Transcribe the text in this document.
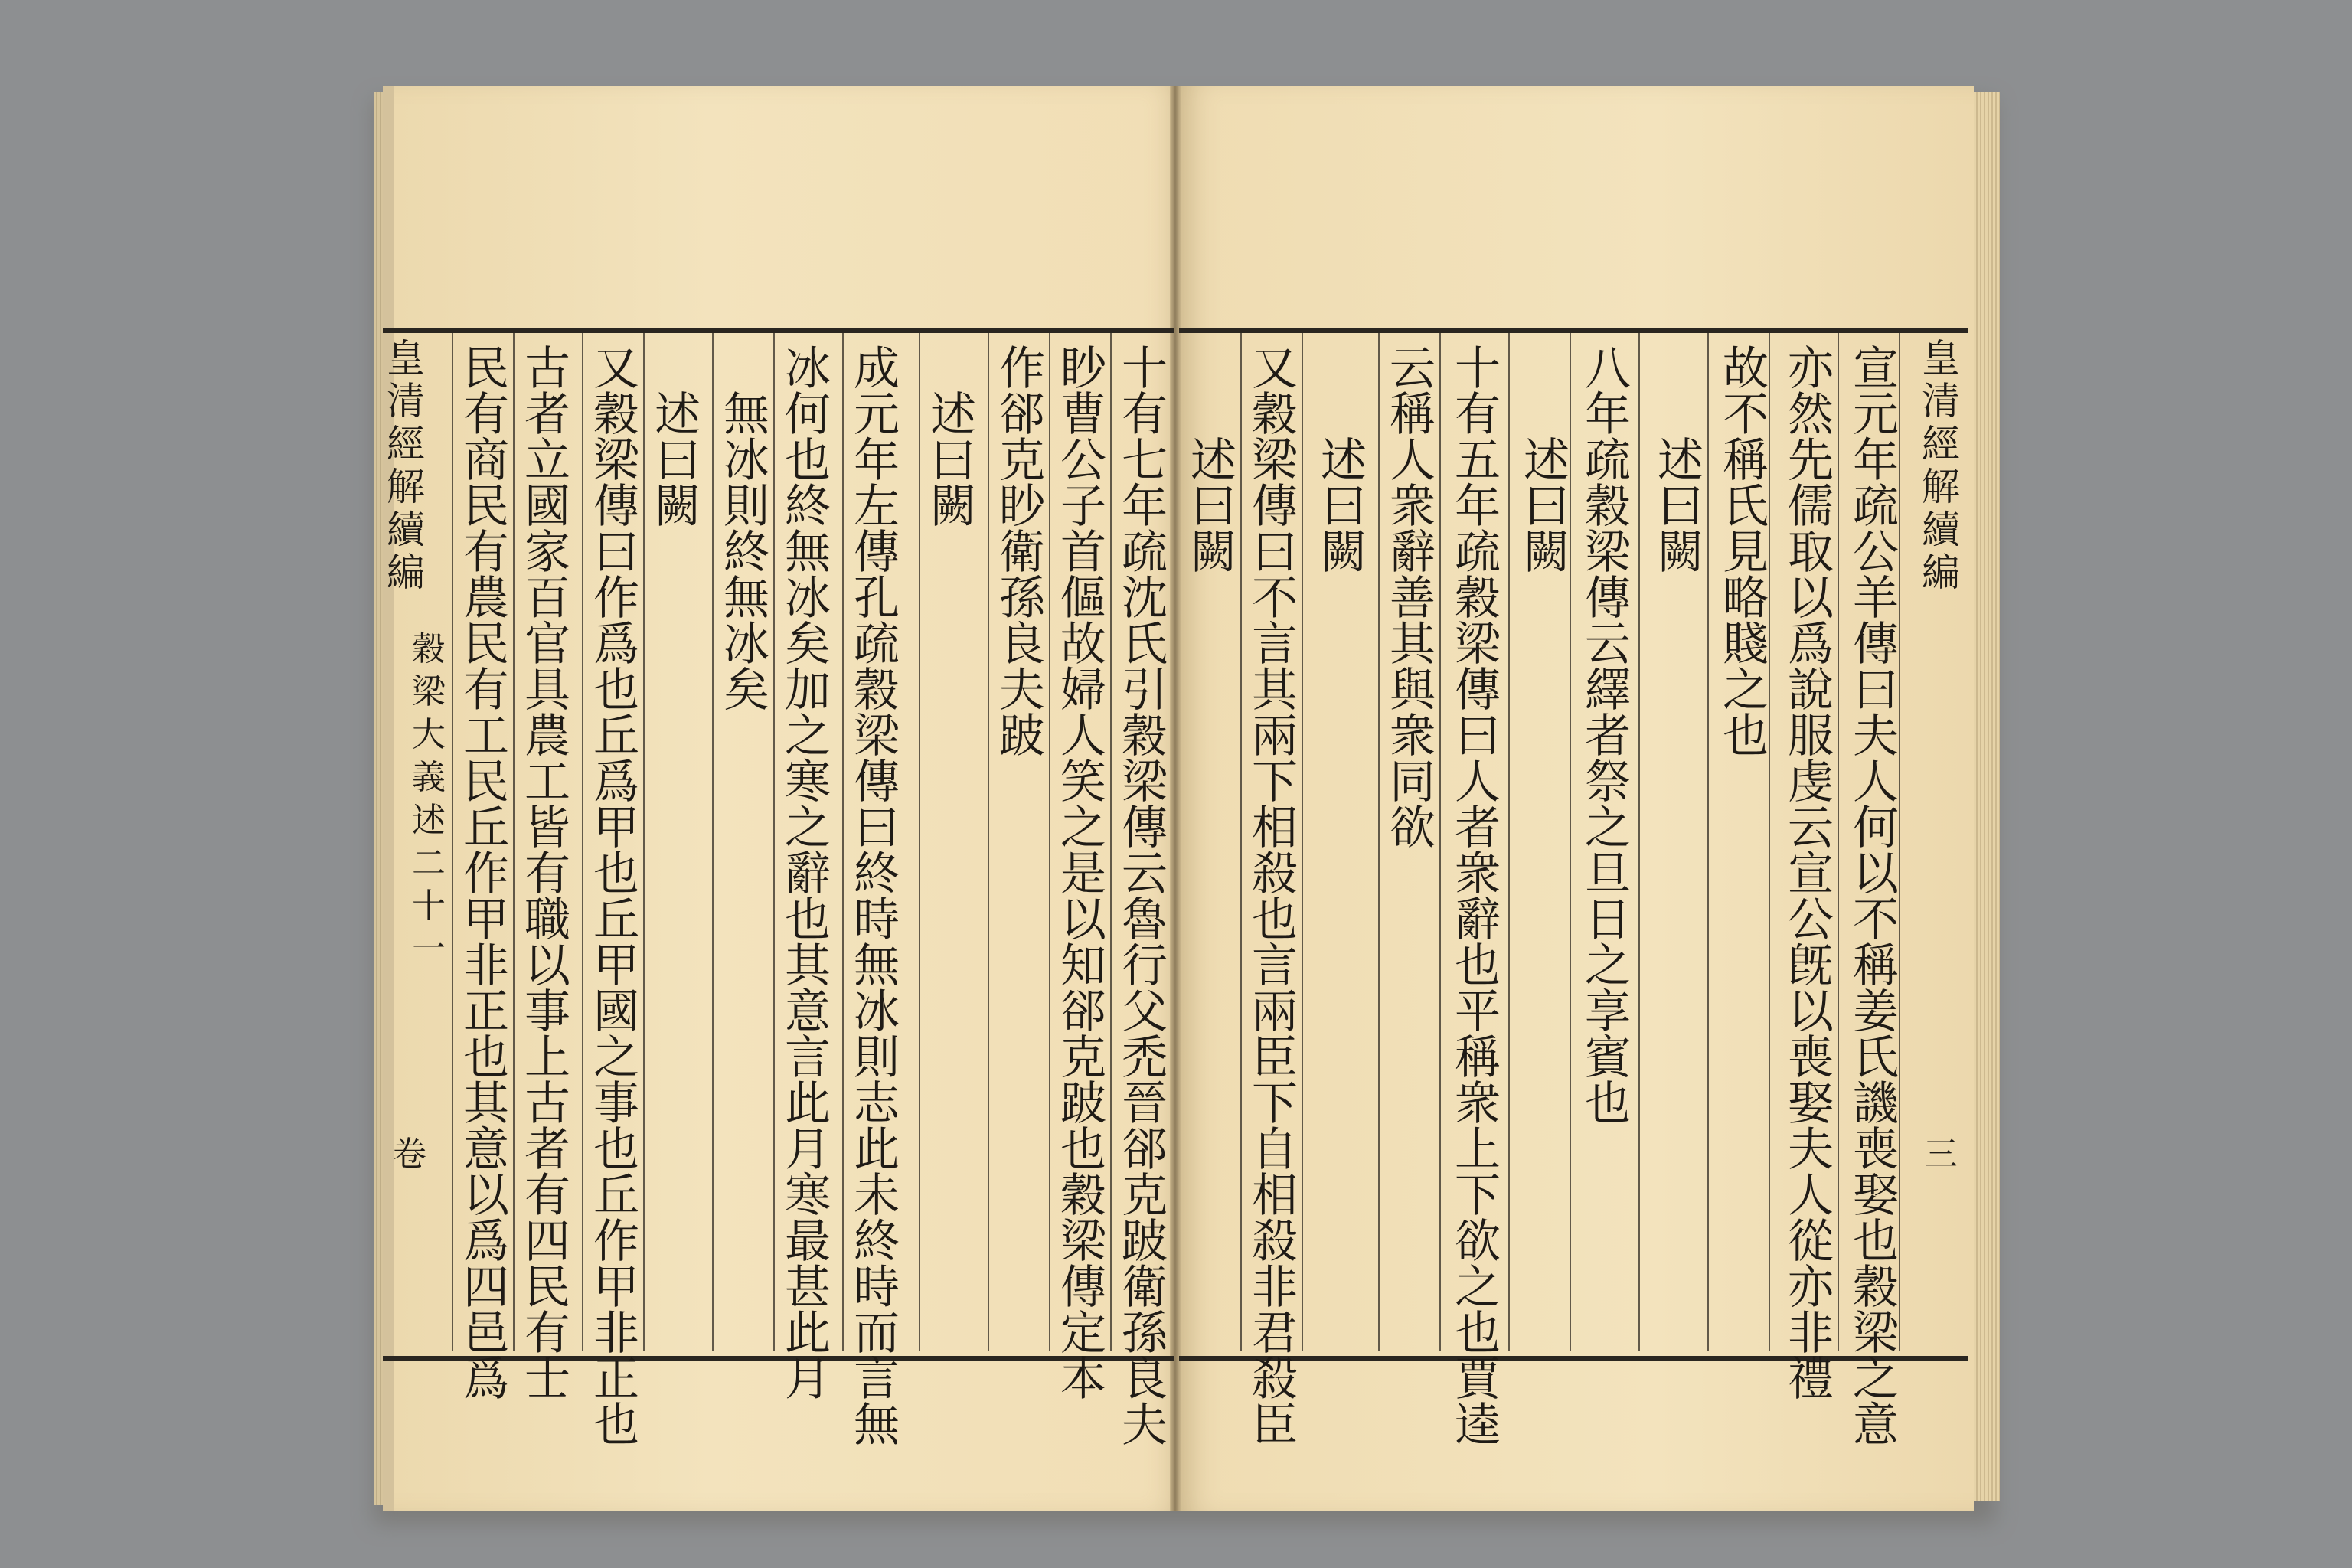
皇
清
經
解
續
編
穀
梁
大
義
述
二
十
一
卷
皇
清
經
解
續
編
三
十
有
七
年
疏
沈
氏
引
穀
梁
傳
云
魯
行
父
禿
晉
郤
克
跛
衛
孫
良
夫
眇
曹
公
子
首
傴
故
婦
人
笑
之
是
以
知
郤
克
跛
也
穀
梁
傳
定
本
作
郤
克
眇
衛
孫
良
夫
跛
述
曰
闕
成
元
年
左
傳
孔
疏
穀
梁
傳
曰
終
時
無
冰
則
志
此
未
終
時
而
言
無
冰
何
也
終
無
冰
矣
加
之
寒
之
辭
也
其
意
言
此
月
寒
最
甚
此
月
無
冰
則
終
無
冰
矣
述
曰
闕
又
穀
梁
傳
曰
作
爲
也
丘
爲
甲
也
丘
甲
國
之
事
也
丘
作
甲
非
正
也
古
者
立
國
家
百
官
具
農
工
皆
有
職
以
事
上
古
者
有
四
民
有
士
民
有
商
民
有
農
民
有
工
民
丘
作
甲
非
正
也
其
意
以
爲
四
邑
爲
宣
元
年
疏
公
羊
傳
曰
夫
人
何
以
不
稱
姜
氏
譏
喪
娶
也
穀
梁
之
意
亦
然
先
儒
取
以
爲
說
服
虔
云
宣
公
旣
以
喪
娶
夫
人
從
亦
非
禮
故
不
稱
氏
見
略
賤
之
也
述
曰
闕
八
年
疏
穀
梁
傳
云
繹
者
祭
之
旦
日
之
享
賓
也
述
曰
闕
十
有
五
年
疏
穀
梁
傳
曰
人
者
衆
辭
也
平
稱
衆
上
下
欲
之
也
賈
逵
云
稱
人
衆
辭
善
其
與
衆
同
欲
述
曰
闕
又
穀
梁
傳
曰
不
言
其
兩
下
相
殺
也
言
兩
臣
下
自
相
殺
非
君
殺
臣
述
曰
闕
